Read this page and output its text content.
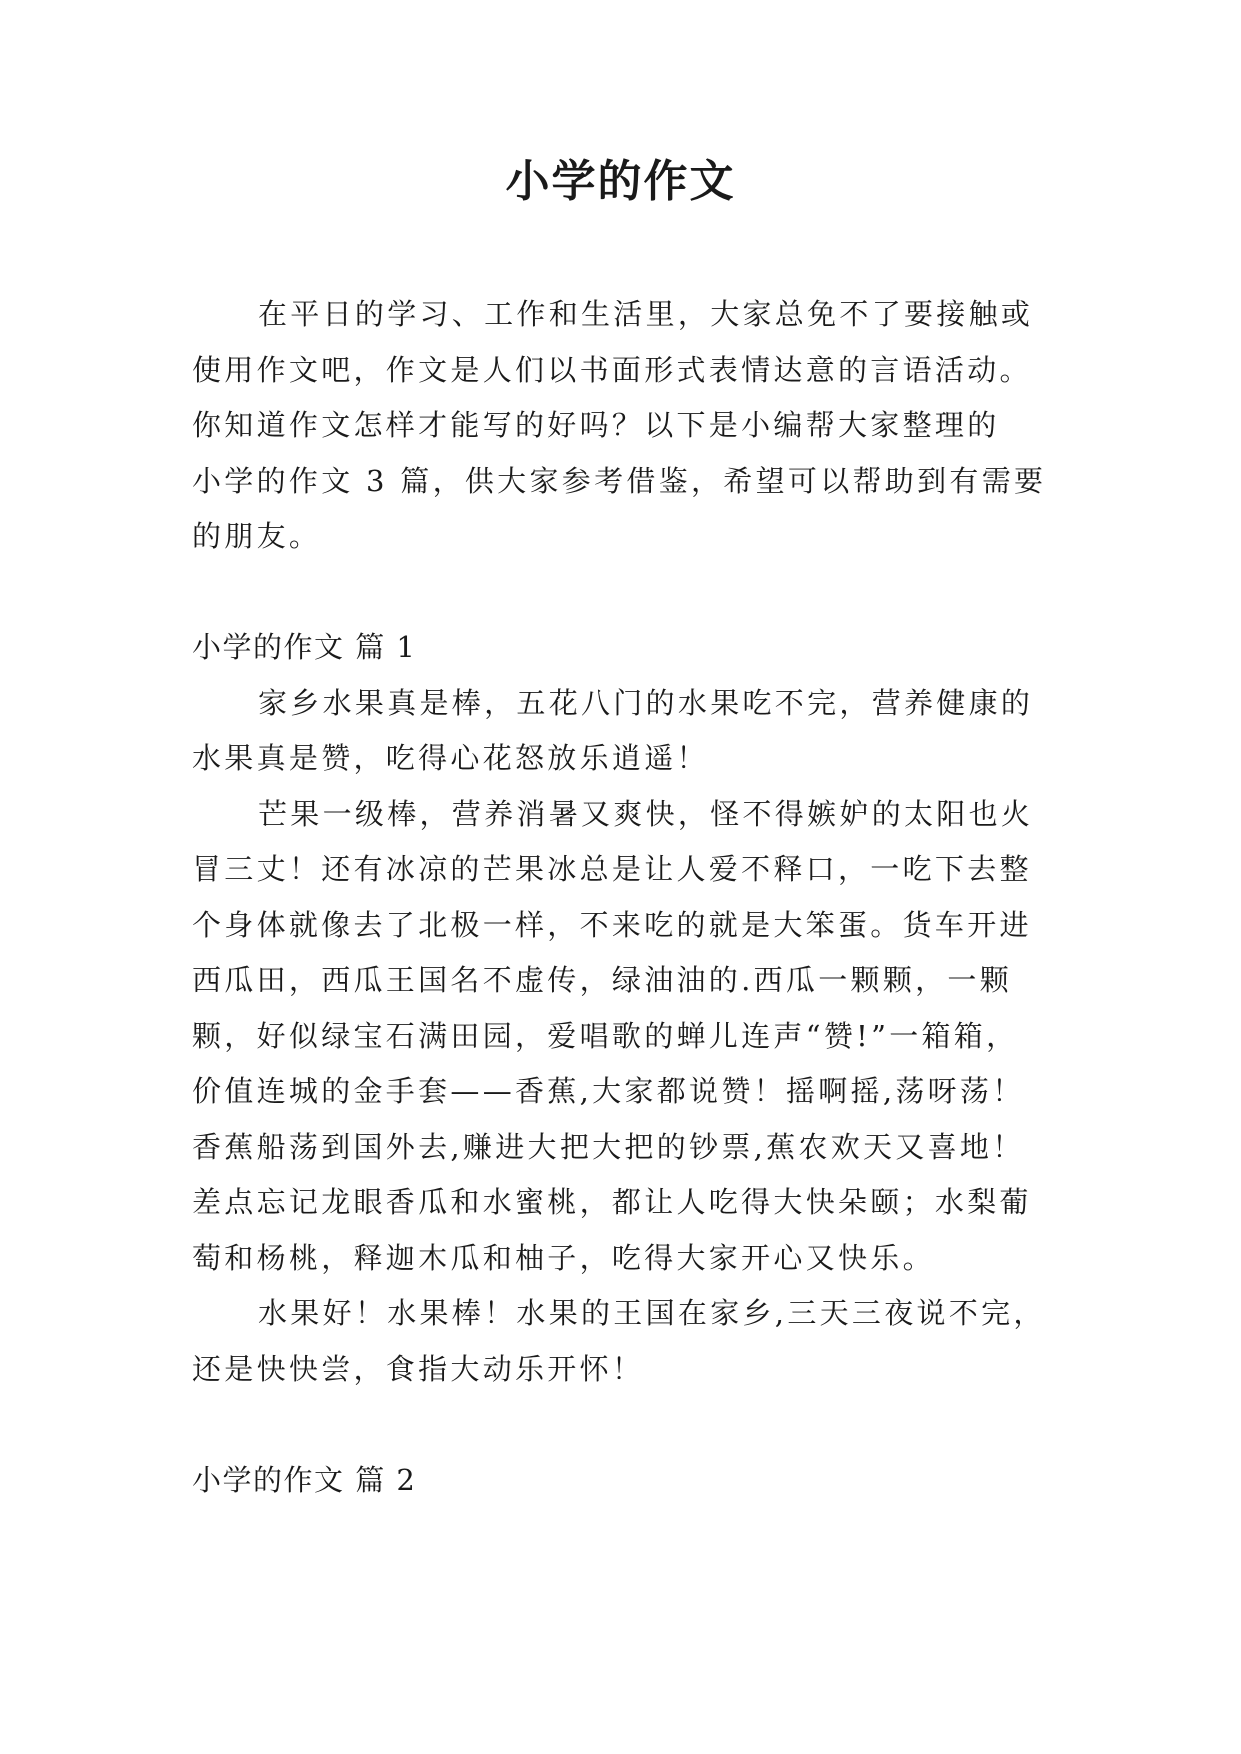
小学的作文
在平日的学习、工作和生活里，大家总免不了要接触或
使用作文吧，作文是人们以书面形式表情达意的言语活动。
你知道作文怎样才能写的好吗？以下是小编帮大家整理的
小学的作文 3 篇，供大家参考借鉴，希望可以帮助到有需要
的朋友。
小学的作文 篇 1
家乡水果真是棒，五花八门的水果吃不完，营养健康的
水果真是赞，吃得心花怒放乐逍遥！
芒果一级棒，营养消暑又爽快，怪不得嫉妒的太阳也火
冒三丈！还有冰凉的芒果冰总是让人爱不释口，一吃下去整
个身体就像去了北极一样，不来吃的就是大笨蛋。货车开进
西瓜田，西瓜王国名不虚传，绿油油的.西瓜一颗颗，一颗
颗，好似绿宝石满田园，爱唱歌的蝉儿连声“赞!”一箱箱，
价值连城的金手套——香蕉,大家都说赞！摇啊摇,荡呀荡！
香蕉船荡到国外去,赚进大把大把的钞票,蕉农欢天又喜地！
差点忘记龙眼香瓜和水蜜桃，都让人吃得大快朵颐；水梨葡
萄和杨桃，释迦木瓜和柚子，吃得大家开心又快乐。
水果好！水果棒！水果的王国在家乡,三天三夜说不完，
还是快快尝，食指大动乐开怀！
小学的作文 篇 2
